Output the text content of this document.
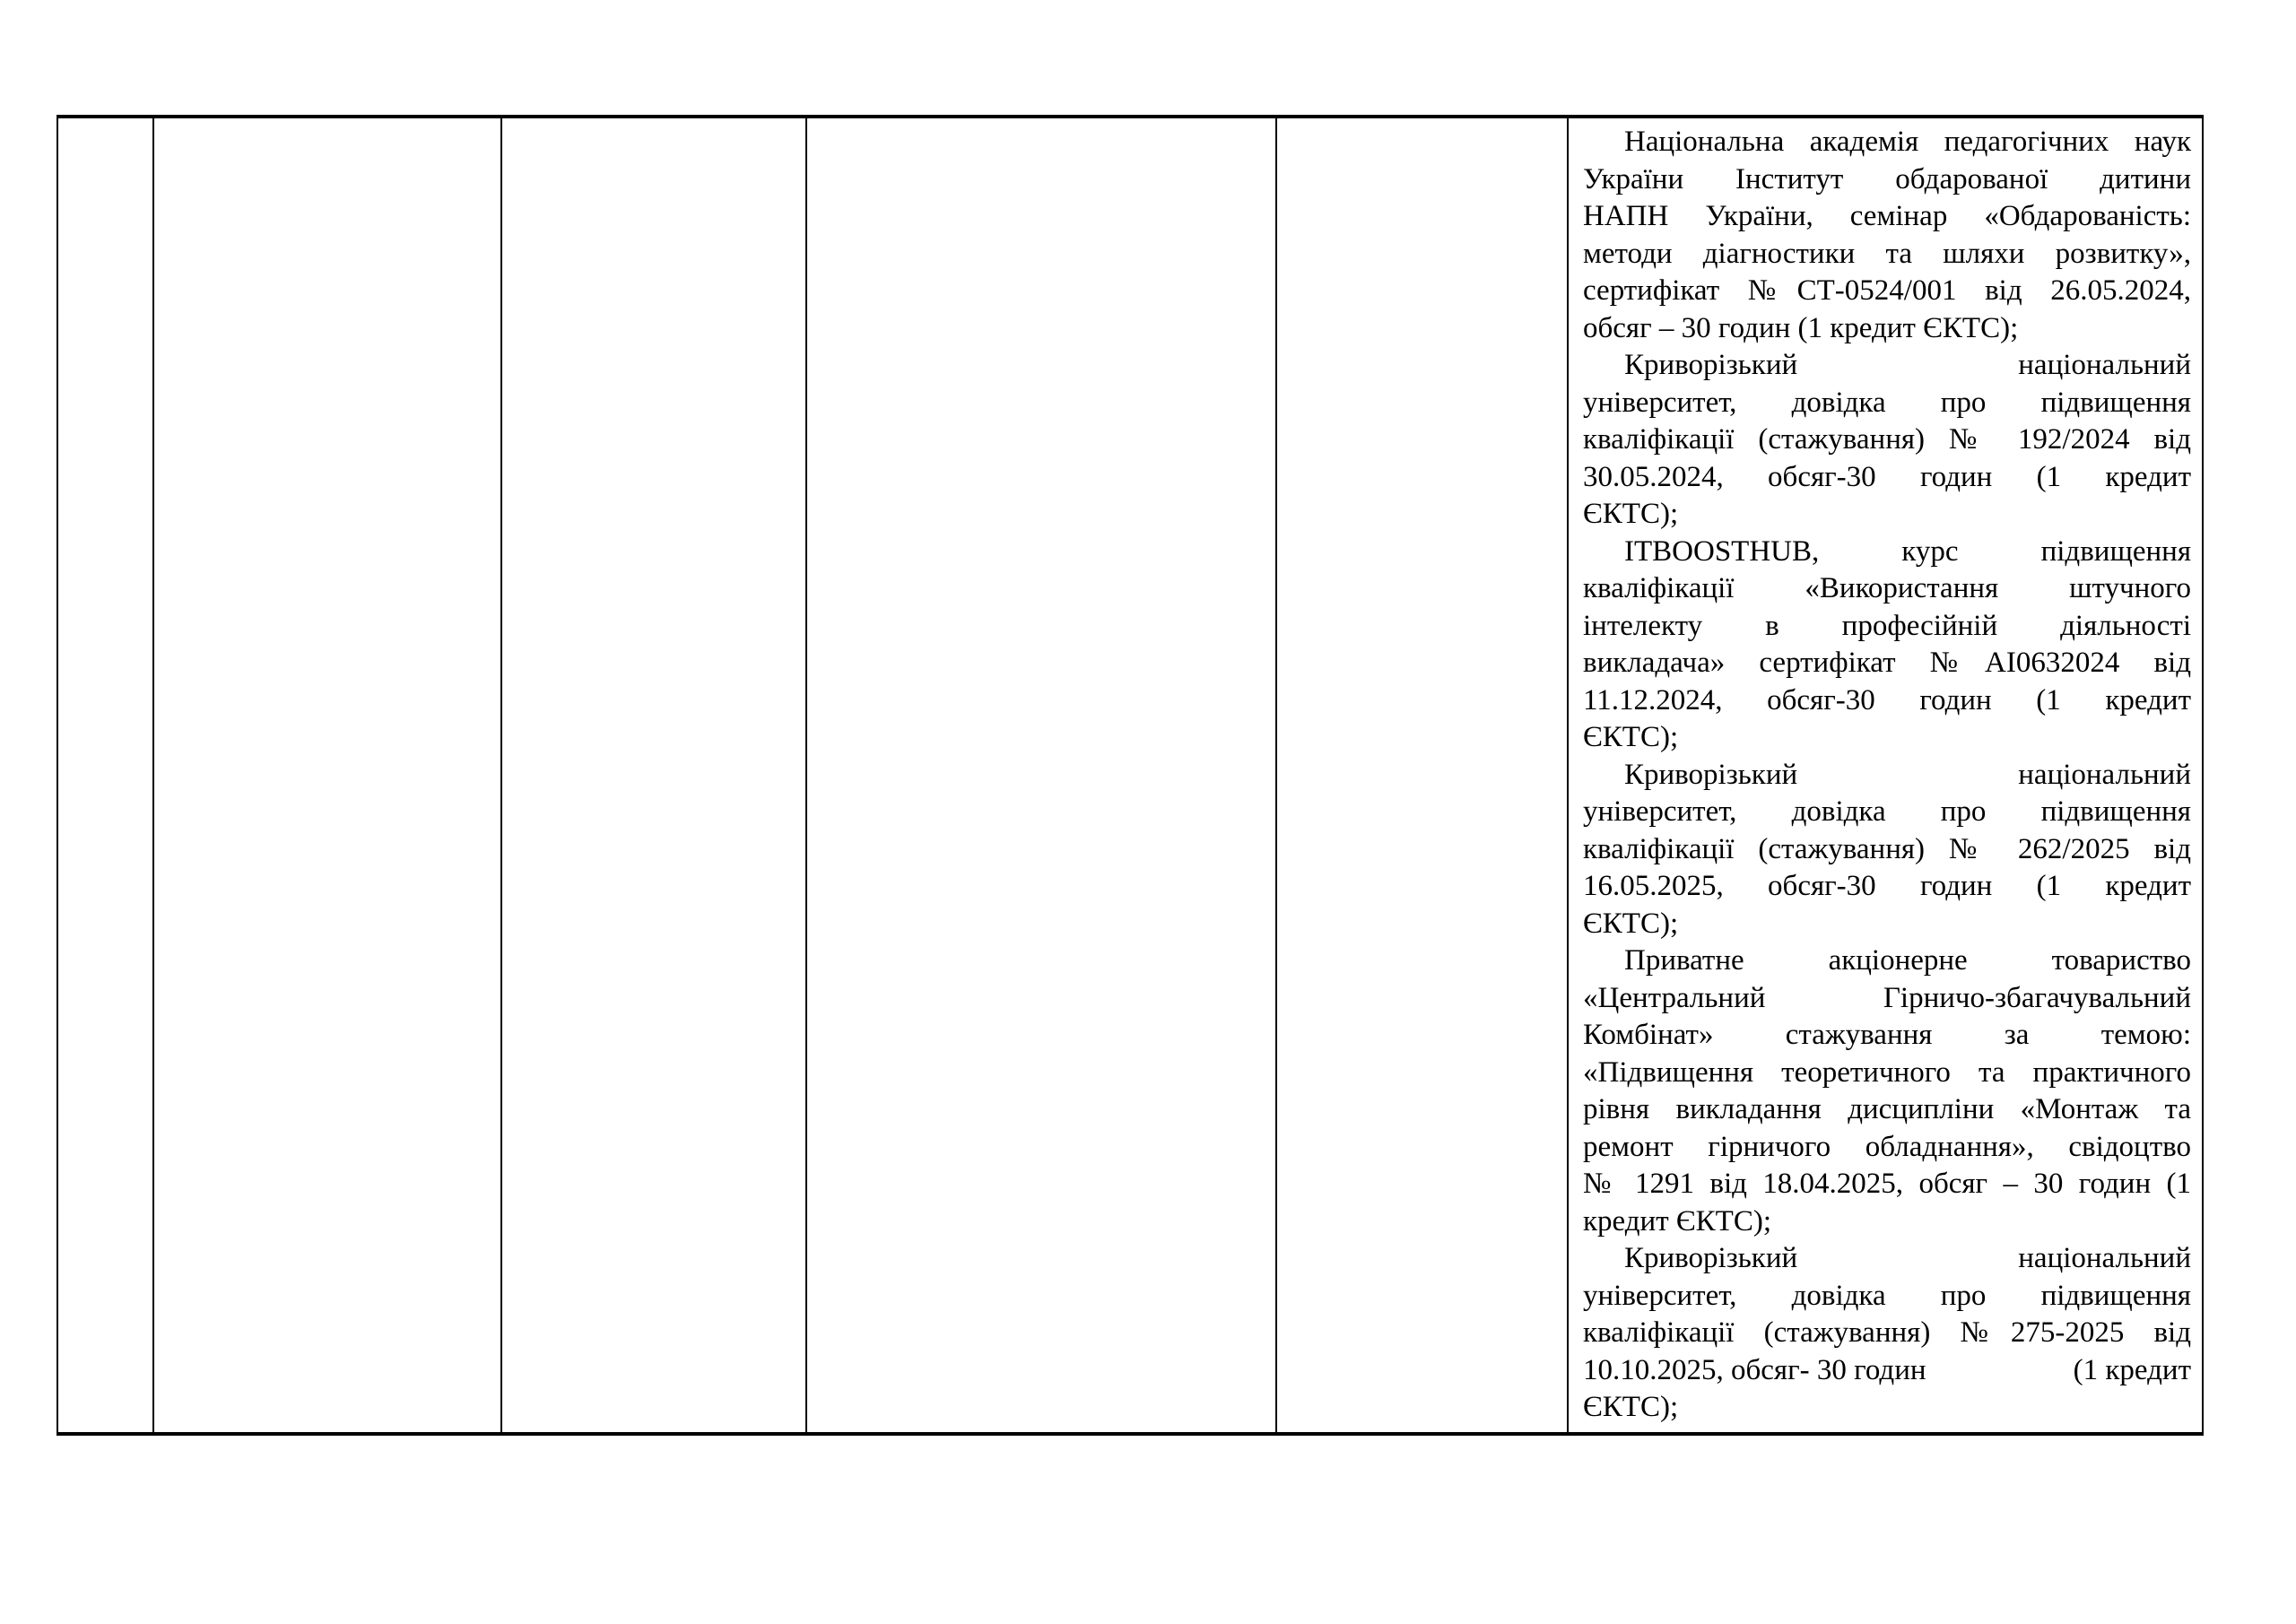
Національна академія педагогічних наук
України Інститут обдарованої дитини
НАПН України, семінар «Обдарованість:
методи діагностики та шляхи розвитку»,
сертифікат №СТ-0524/001 від 26.05.2024,
обсяг – 30 годин (1 кредит ЄКТС);
Криворізький національний
університет, довідка про підвищення
кваліфікації (стажування) № 192/2024 від
30.05.2024, обсяг-30 годин (1 кредит
ЄКТС);
ITBOOSTHUB, курс підвищення
кваліфікації «Використання штучного
інтелекту в професійній діяльності
викладача» сертифікат №АІ0632024 від
11.12.2024, обсяг-30 годин (1 кредит
ЄКТС);
Криворізький національний
університет, довідка про підвищення
кваліфікації (стажування) № 262/2025 від
16.05.2025, обсяг-30 годин (1 кредит
ЄКТС);
Приватне акціонерне товариство
«Центральний Гірничо-збагачувальний
Комбінат» стажування за темою:
«Підвищення теоретичного та практичного
рівня викладання дисципліни «Монтаж та
ремонт гірничого обладнання», свідоцтво
№ 1291 від 18.04.2025, обсяг – 30 годин (1
кредит ЄКТС);
Криворізький національний
університет, довідка про підвищення
кваліфікації (стажування) №275-2025 від
10.10.2025, обсяг- 30 годин	(1 кредит
ЄКТС);
